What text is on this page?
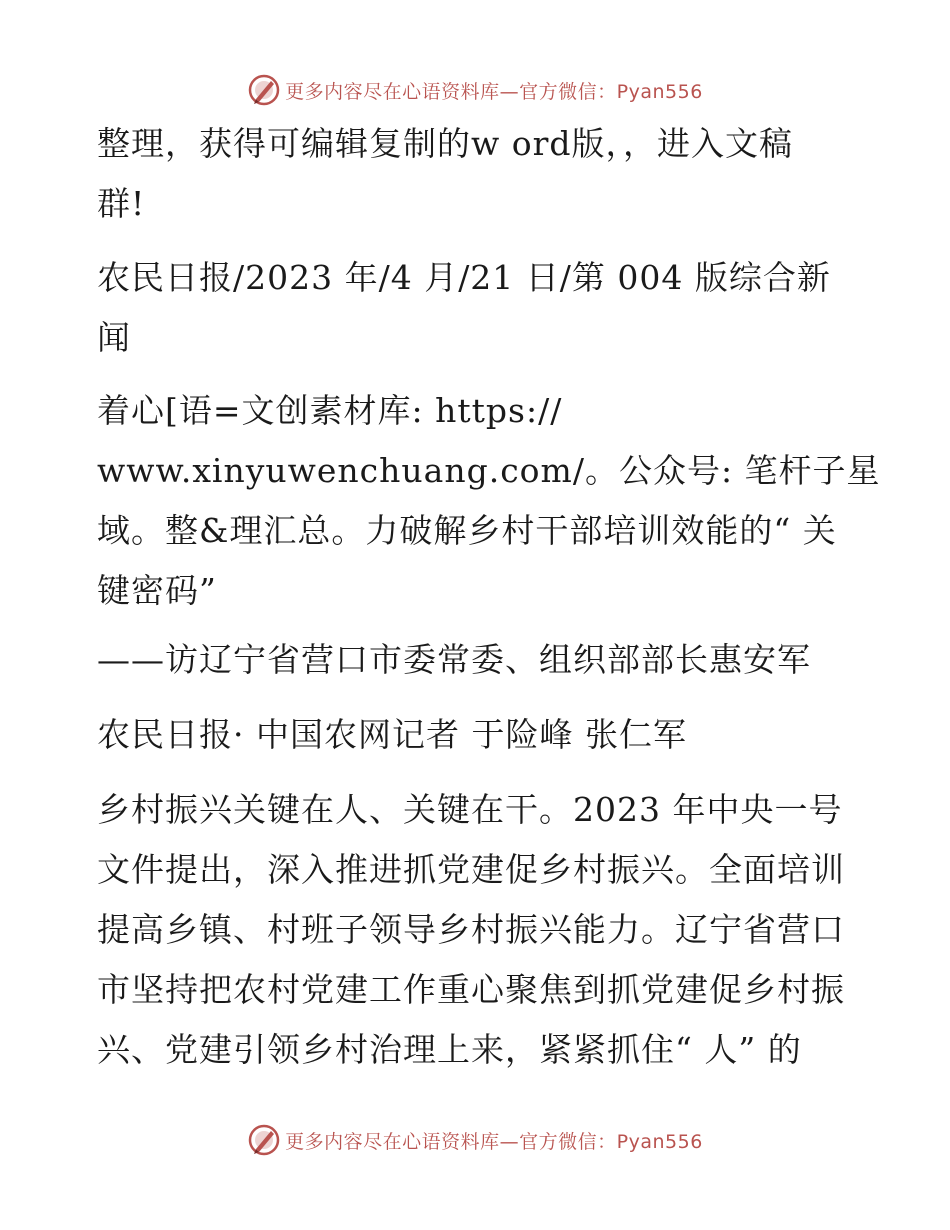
更多内容尽在心语资料库—官方微信：Pyan556
整理，获得可编辑复制的w ord版，，进入文稿
群!
农民日报/2023 年/4 月/21 日/第 004 版综合新
闻
着心[语=文创素材库: https://
www.xinyuwenchuang.com/。公众号: 笔杆子星
域。整&理汇总。力破解乡村干部培训效能的“ 关
键密码”
——访辽宁省营口市委常委、组织部部长惠安军
农民日报· 中国农网记者 于险峰 张仁军
乡村振兴关键在人、关键在干。2023 年中央一号
文件提出，深入推进抓党建促乡村振兴。全面培训
提高乡镇、村班子领导乡村振兴能力。辽宁省营口
市坚持把农村党建工作重心聚焦到抓党建促乡村振
兴、党建引领乡村治理上来，紧紧抓住“ 人” 的
更多内容尽在心语资料库—官方微信：Pyan556
